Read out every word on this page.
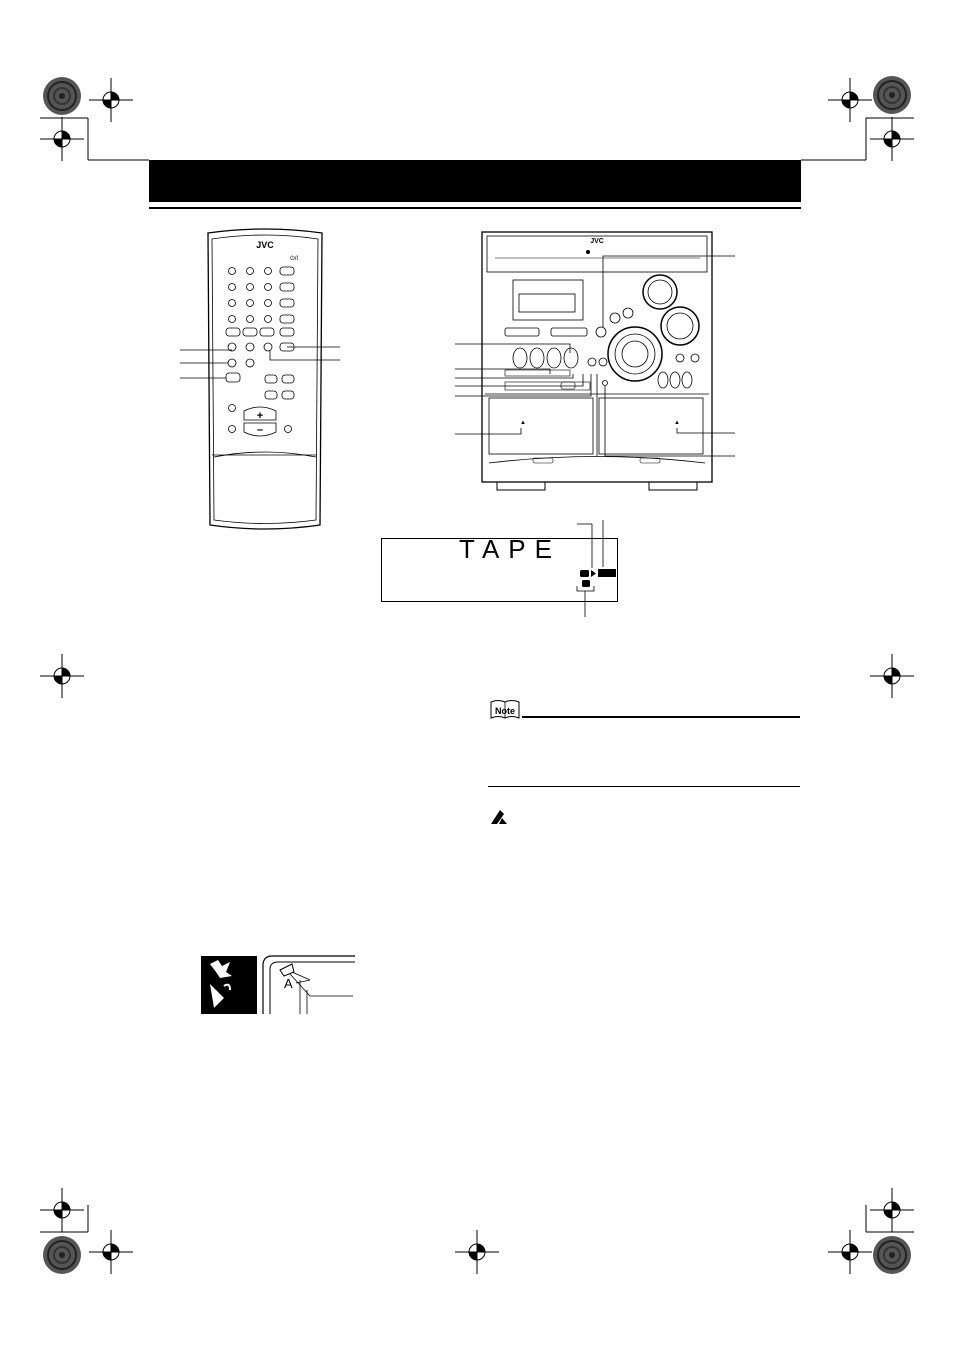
JVC
⏻/I
+
–
JVC
▲	▲
TAPE
Note
A
